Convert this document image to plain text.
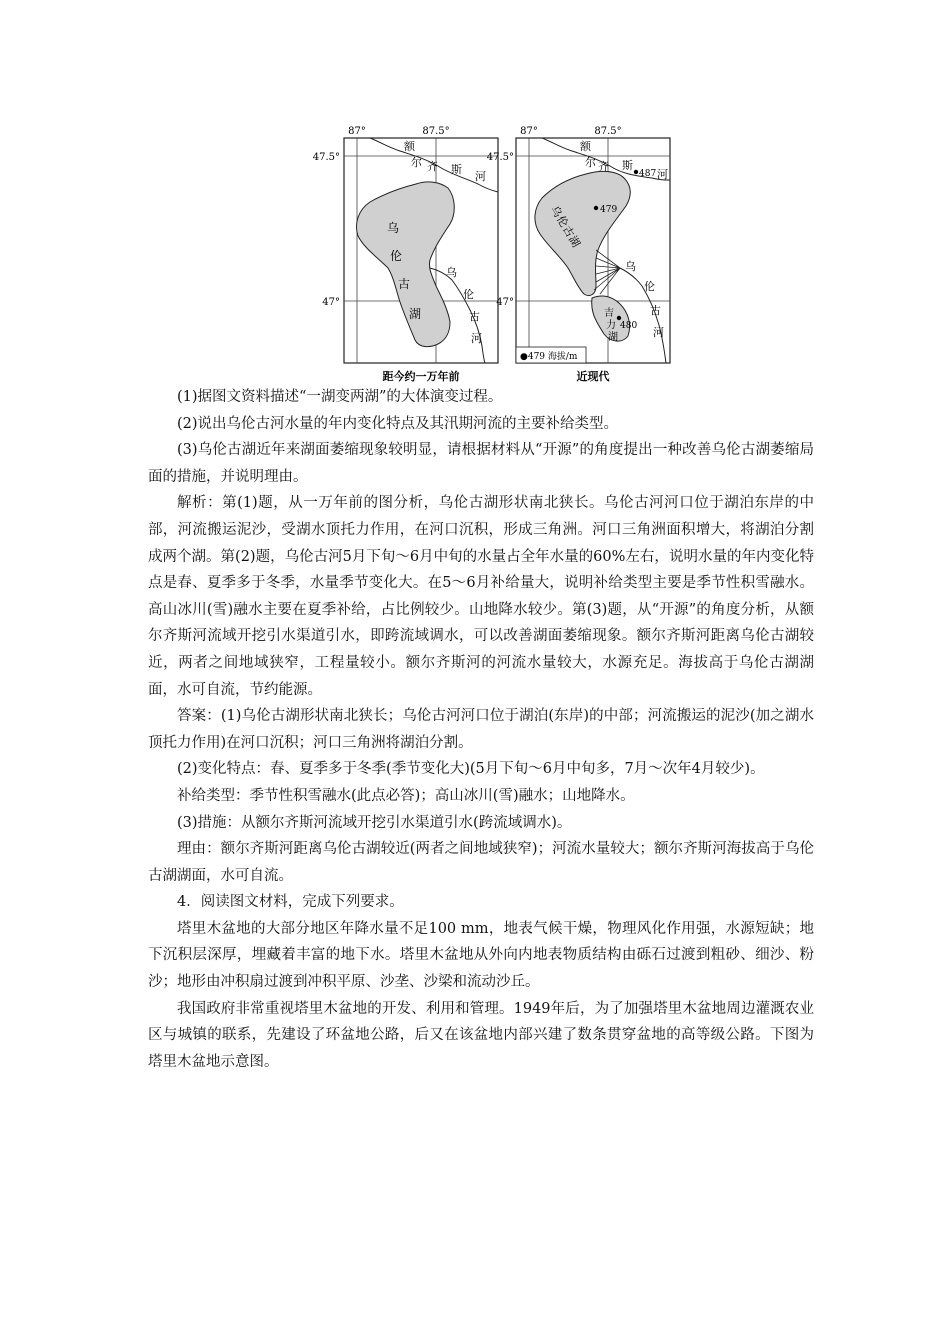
87°	87.5°
47.5°
47°
额
尔 齐 斯
河
乌
伦
古
湖
乌
伦
古
河
距今约一万年前
87°	87.5°
47.5°
47°
额
尔 齐 斯
河
487
479
乌
伦
古
湖
吉
力
湖
480
乌
伦
古
河
●479 海拔/m
近现代

(1)据图文资料描述“一湖变两湖”的大体演变过程。

(2)说出乌伦古河水量的年内变化特点及其汛期河流的主要补给类型。

(3)乌伦古湖近年来湖面萎缩现象较明显，请根据材料从“开源”的角度提出一种改善乌伦古湖萎缩局面的措施，并说明理由。

解析：第(1)题，从一万年前的图分析，乌伦古湖形状南北狭长。乌伦古河河口位于湖泊东岸的中部，河流搬运泥沙，受湖水顶托力作用，在河口沉积，形成三角洲。河口三角洲面积增大，将湖泊分割成两个湖。第(2)题，乌伦古河5月下旬～6月中旬的水量占全年水量的60%左右，说明水量的年内变化特点是春、夏季多于冬季，水量季节变化大。在5～6月补给量大，说明补给类型主要是季节性积雪融水。高山冰川(雪)融水主要在夏季补给，占比例较少。山地降水较少。第(3)题，从“开源”的角度分析，从额尔齐斯河流域开挖引水渠道引水，即跨流域调水，可以改善湖面萎缩现象。额尔齐斯河距离乌伦古湖较近，两者之间地域狭窄，工程量较小。额尔齐斯河的河流水量较大，水源充足。海拔高于乌伦古湖湖面，水可自流，节约能源。

答案：(1)乌伦古湖形状南北狭长；乌伦古河河口位于湖泊(东岸)的中部；河流搬运的泥沙(加之湖水顶托力作用)在河口沉积；河口三角洲将湖泊分割。

(2)变化特点：春、夏季多于冬季(季节变化大)(5月下旬～6月中旬多，7月～次年4月较少)。

补给类型：季节性积雪融水(此点必答)；高山冰川(雪)融水；山地降水。

(3)措施：从额尔齐斯河流域开挖引水渠道引水(跨流域调水)。

理由：额尔齐斯河距离乌伦古湖较近(两者之间地域狭窄)；河流水量较大；额尔齐斯河海拔高于乌伦古湖湖面，水可自流。

4．阅读图文材料，完成下列要求。

塔里木盆地的大部分地区年降水量不足100 mm，地表气候干燥，物理风化作用强，水源短缺；地下沉积层深厚，埋藏着丰富的地下水。塔里木盆地从外向内地表物质结构由砾石过渡到粗砂、细沙、粉沙；地形由冲积扇过渡到冲积平原、沙垄、沙梁和流动沙丘。

我国政府非常重视塔里木盆地的开发、利用和管理。1949年后，为了加强塔里木盆地周边灌溉农业区与城镇的联系，先建设了环盆地公路，后又在该盆地内部兴建了数条贯穿盆地的高等级公路。下图为塔里木盆地示意图。
